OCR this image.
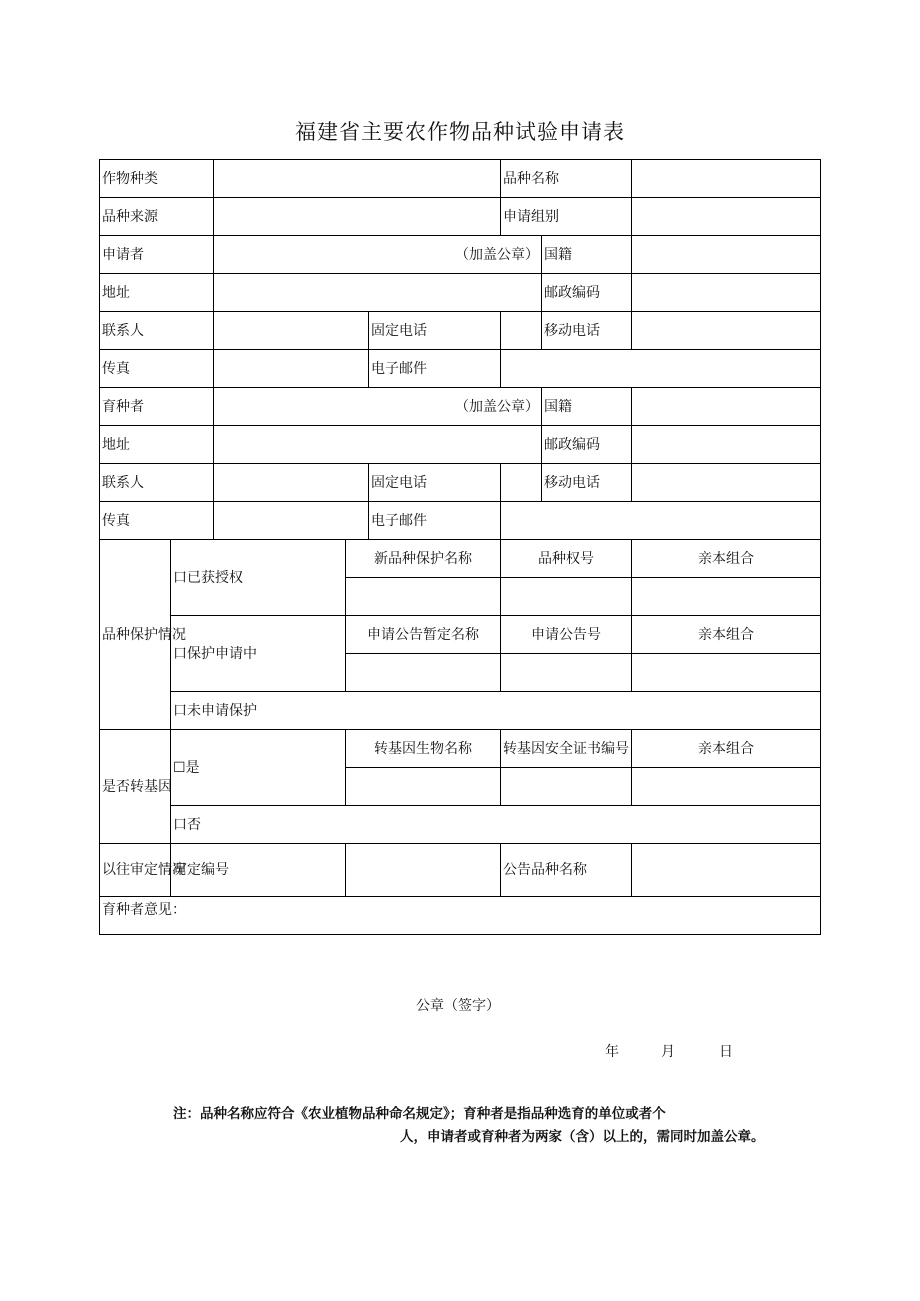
福建省主要农作物品种试验申请表
作物种类					品种名称		
品种来源					申请组别		
申请者		（加盖公章）				国籍	
地址						邮政编码	
联系人				固定电话		移动电话	
传真				电子邮件			
育种者		（加盖公章）				国籍	
地址						邮政编码	
联系人				固定电话		移动电话	
传真				电子邮件			
品种保护情况	口已获授权		新品种保护名称		品种权号		亲本组合

	口保护申请中		申请公告暂定名称		申请公告号		亲本组合

	口未申请保护						
是否转基因	☐是		转基因生物名称		转基因安全证书编号		亲本组合

	口否						
以往审定情况	审定编号				公告品种名称		

育种者意见：
公章（签字）
年 月 日							
注：品种名称应符合《农业植物品种命名规定》；育种者是指品种选育的单位或者个
人，申请者或育种者为两家（含）以上的，需同时加盖公章。
